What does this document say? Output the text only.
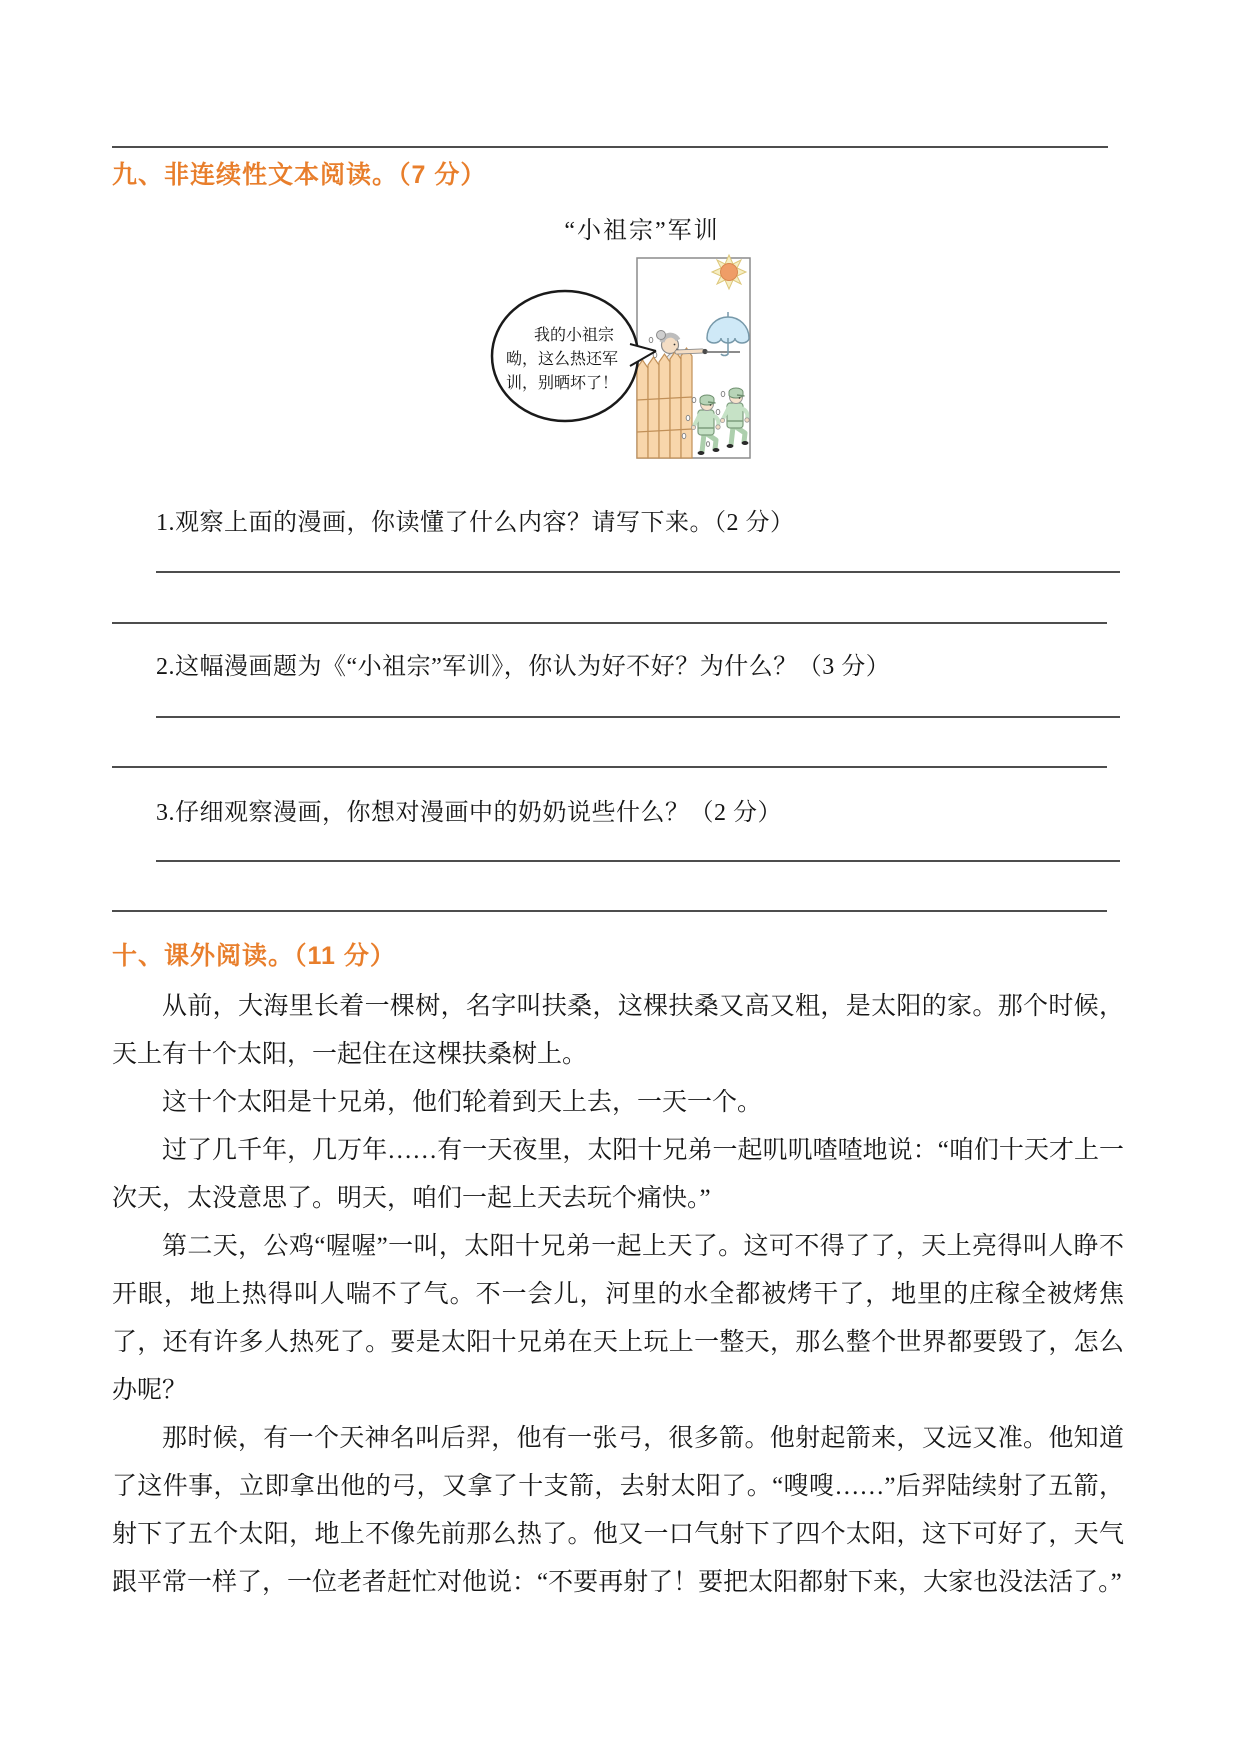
九、非连续性文本阅读。（7 分）
“小祖宗”军训
我的小祖宗
呦，这么热还军
训，别晒坏了！
1.观察上面的漫画，你读懂了什么内容？请写下来。（2 分）
2.这幅漫画题为《“小祖宗”军训》，你认为好不好？为什么？（3 分）
3.仔细观察漫画，你想对漫画中的奶奶说些什么？（2 分）
十、课外阅读。（11 分）

从前，大海里长着一棵树，名字叫扶桑，这棵扶桑又高又粗，是太阳的家。那个时候，天上有十个太阳，一起住在这棵扶桑树上。

这十个太阳是十兄弟，他们轮着到天上去，一天一个。

过了几千年，几万年……有一天夜里，太阳十兄弟一起叽叽喳喳地说：“咱们十天才上一次天，太没意思了。明天，咱们一起上天去玩个痛快。”

第二天，公鸡“喔喔”一叫，太阳十兄弟一起上天了。这可不得了了，天上亮得叫人睁不开眼，地上热得叫人喘不了气。不一会儿，河里的水全都被烤干了，地里的庄稼全被烤焦了，还有许多人热死了。要是太阳十兄弟在天上玩上一整天，那么整个世界都要毁了，怎么办呢？

那时候，有一个天神名叫后羿，他有一张弓，很多箭。他射起箭来，又远又准。他知道了这件事，立即拿出他的弓，又拿了十支箭，去射太阳了。“嗖嗖……”后羿陆续射了五箭，射下了五个太阳，地上不像先前那么热了。他又一口气射下了四个太阳，这下可好了，天气跟平常一样了，一位老者赶忙对他说：“不要再射了！要把太阳都射下来，大家也没法活了。”
